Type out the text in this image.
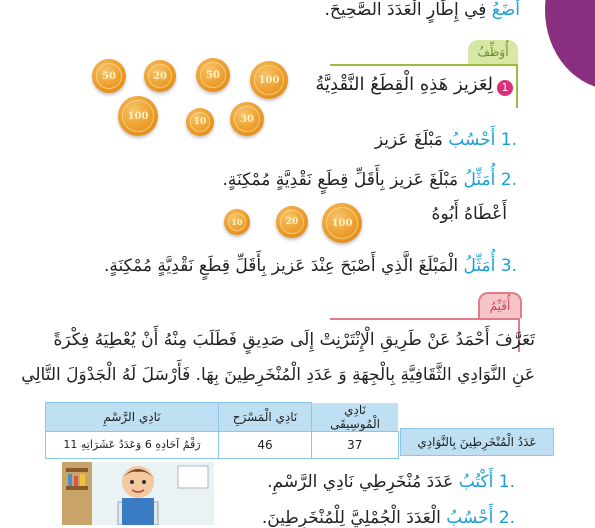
أَضَعُ فِي إِطَارٍ الْعَدَدَ الصَّحِيحَ.
أُوَظِّفُ
1
لِعَزيز هَذِهِ الْقِطَعُ النَّقْدِيَّةُ
50	20	50	100
100
10	30
.1 أَحْسُبُ مَبْلَغَ عَزيز
.2 أُمَثِّلُ مَبْلَغَ عَزيز بِأَقَلِّ قِطَعٍ نَقْدِيَّةٍ مُمْكِنَةٍ.
أَعْطَاهُ أَبُوهُ
10	20	100
.3 أُمَثِّلُ الْمَبْلَغَ الَّذِي أَصْبَحَ عِنْدَ عَزيز بِأَقَلِّ قِطَعٍ نَقْدِيَّةٍ مُمْكِنَةٍ.
أُقَيِّمُ
تَعَرَّفَ أَحْمَدُ عَنْ طَرِيقِ الْإِنْتَرْنِتْ إِلَى صَدِيقٍ فَطَلَبَ مِنْهُ أَنْ يُعْطِيَهُ فِكْرَةً
عَنِ النَّوَادِي الثَّقَافِيَّةِ بِالْجِهَةِ وَ عَدَدِ الْمُنْخَرِطِينَ بِهَا. فَأَرْسَلَ لَهُ الْجَدْوَلَ التَّالِي
نَادِي الْمُوسِيقَى	نَادِي الْمَسْرَحِ	نَادِي الرَّسْمِ
37	46	رَقْمُ آحَادِهِ 6 وَعَدَدُ عَشَرَاتِهِ 11	عَدَدُ الْمُنْخَرِطِينَ بِالنَّوَادِي
.1 أَكْتُبُ عَدَدَ مُنْخَرِطِي نَادِي الرَّسْمِ.
.2 أَحْسُبُ الْعَدَدَ الْجُمْلِيَّ لِلْمُنْخَرِطِينَ.
